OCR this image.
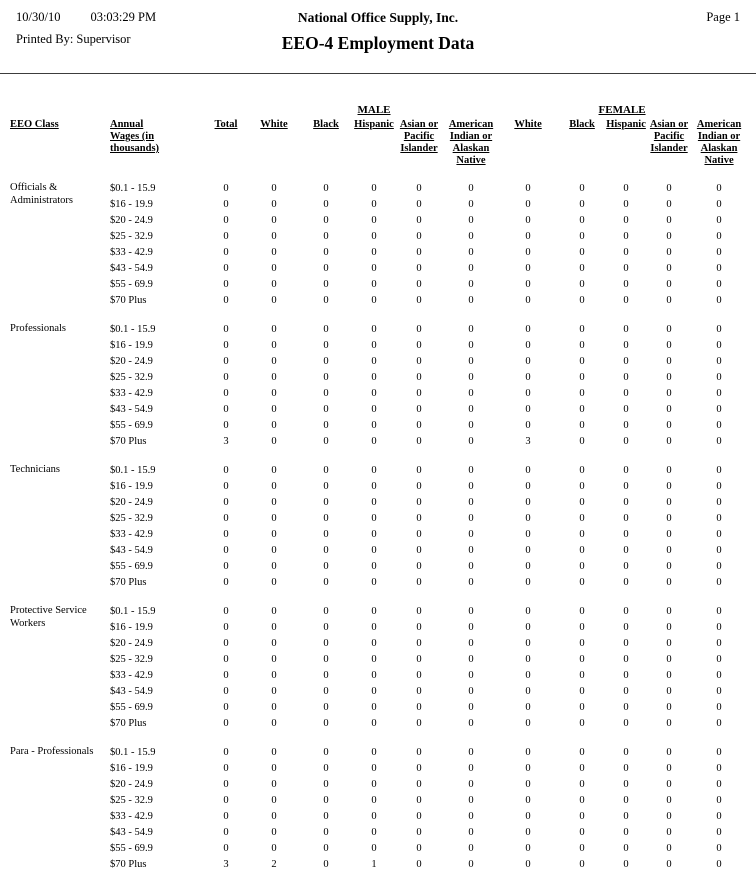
10/30/10 03:03:29 PM
Printed By: Supervisor
National Office Supply, Inc.
EEO-4 Employment Data
Page 1
			MALE					FEMALE				
EEO Class	Annual Wages (in thousands)	Total	White	Black	Hispanic	Asian or Pacific Islander	American Indian or Alaskan Native	White	Black	Hispanic	Asian or Pacific Islander	American Indian or Alaskan Native
Officials & Administrators	$0.1 - 15.9	0	0	0	0	0	0	0	0	0	0	0
	$16 - 19.9	0	0	0	0	0	0	0	0	0	0	0
	$20 - 24.9	0	0	0	0	0	0	0	0	0	0	0
	$25 - 32.9	0	0	0	0	0	0	0	0	0	0	0
	$33 - 42.9	0	0	0	0	0	0	0	0	0	0	0
	$43 - 54.9	0	0	0	0	0	0	0	0	0	0	0
	$55 - 69.9	0	0	0	0	0	0	0	0	0	0	0
	$70 Plus	0	0	0	0	0	0	0	0	0	0	0
Professionals	$0.1 - 15.9	0	0	0	0	0	0	0	0	0	0	0
	$16 - 19.9	0	0	0	0	0	0	0	0	0	0	0
	$20 - 24.9	0	0	0	0	0	0	0	0	0	0	0
	$25 - 32.9	0	0	0	0	0	0	0	0	0	0	0
	$33 - 42.9	0	0	0	0	0	0	0	0	0	0	0
	$43 - 54.9	0	0	0	0	0	0	0	0	0	0	0
	$55 - 69.9	0	0	0	0	0	0	0	0	0	0	0
	$70 Plus	3	0	0	0	0	0	3	0	0	0	0
Technicians	$0.1 - 15.9	0	0	0	0	0	0	0	0	0	0	0
	$16 - 19.9	0	0	0	0	0	0	0	0	0	0	0
	$20 - 24.9	0	0	0	0	0	0	0	0	0	0	0
	$25 - 32.9	0	0	0	0	0	0	0	0	0	0	0
	$33 - 42.9	0	0	0	0	0	0	0	0	0	0	0
	$43 - 54.9	0	0	0	0	0	0	0	0	0	0	0
	$55 - 69.9	0	0	0	0	0	0	0	0	0	0	0
	$70 Plus	0	0	0	0	0	0	0	0	0	0	0
Protective Service Workers	$0.1 - 15.9	0	0	0	0	0	0	0	0	0	0	0
	$16 - 19.9	0	0	0	0	0	0	0	0	0	0	0
	$20 - 24.9	0	0	0	0	0	0	0	0	0	0	0
	$25 - 32.9	0	0	0	0	0	0	0	0	0	0	0
	$33 - 42.9	0	0	0	0	0	0	0	0	0	0	0
	$43 - 54.9	0	0	0	0	0	0	0	0	0	0	0
	$55 - 69.9	0	0	0	0	0	0	0	0	0	0	0
	$70 Plus	0	0	0	0	0	0	0	0	0	0	0
Para - Professionals	$0.1 - 15.9	0	0	0	0	0	0	0	0	0	0	0
	$16 - 19.9	0	0	0	0	0	0	0	0	0	0	0
	$20 - 24.9	0	0	0	0	0	0	0	0	0	0	0
	$25 - 32.9	0	0	0	0	0	0	0	0	0	0	0
	$33 - 42.9	0	0	0	0	0	0	0	0	0	0	0
	$43 - 54.9	0	0	0	0	0	0	0	0	0	0	0
	$55 - 69.9	0	0	0	0	0	0	0	0	0	0	0
	$70 Plus	3	2	0	1	0	0	0	0	0	0	0
